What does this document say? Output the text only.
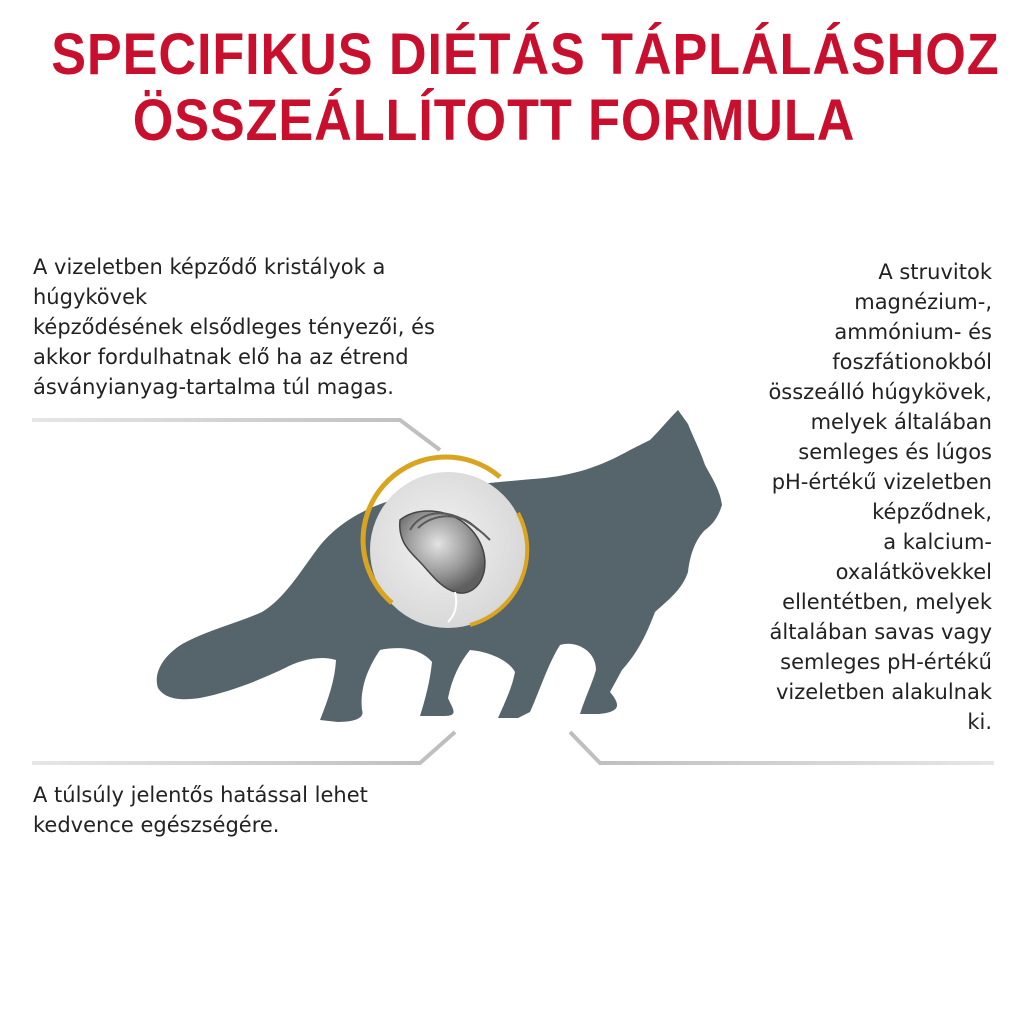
SPECIFIKUS DIÉTÁS TÁPLÁLÁSHOZ
ÖSSZEÁLLÍTOTT FORMULA

A vizeletben képződő kristályok a
húgykövek
képződésének elsődleges tényezői, és
akkor fordulhatnak elő ha az étrend
ásványianyag-tartalma túl magas.

A túlsúly jelentős hatással lehet
kedvence egészségére.

A struvitok
magnézium-,
ammónium- és
foszfátionokból
összeálló húgykövek,
melyek általában
semleges és lúgos
pH-értékű vizeletben
képződnek,
a kalcium-
oxalátkövekkel
ellentétben, melyek
általában savas vagy
semleges pH-értékű
vizeletben alakulnak
ki.
